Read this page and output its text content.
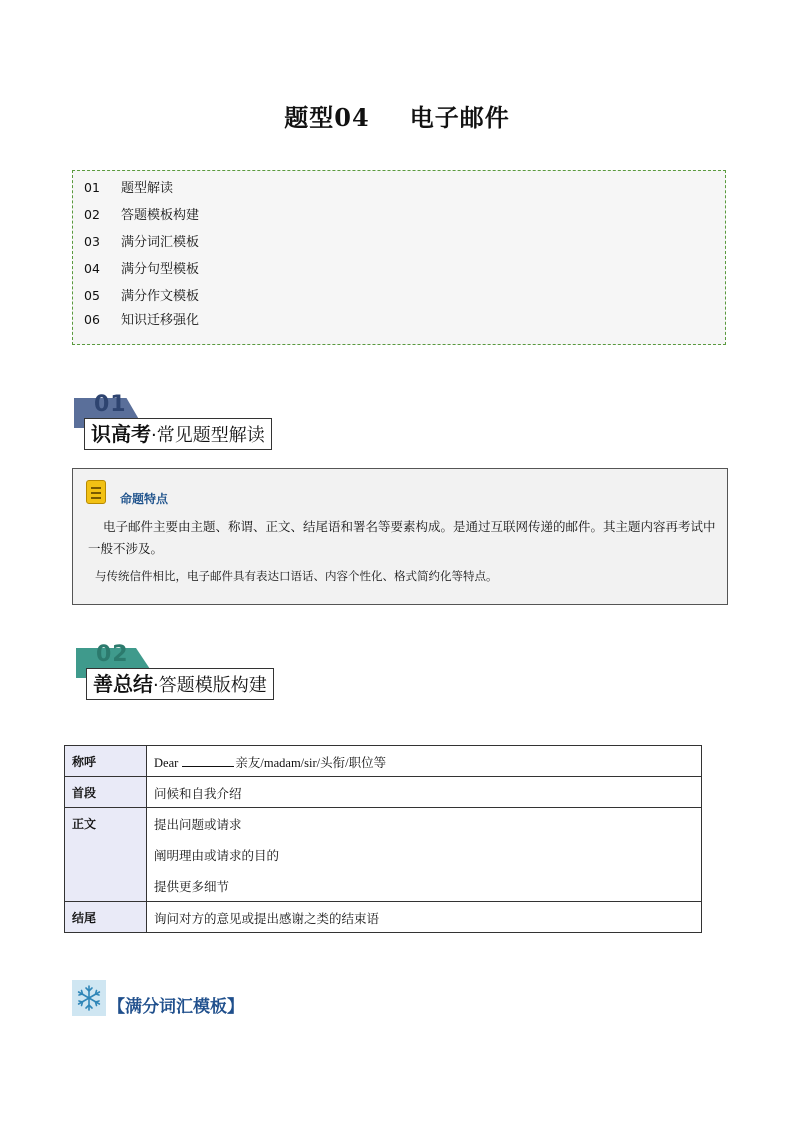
题型04 电子邮件
01 题型解读
02 答题模板构建
03 满分词汇模板
04 满分句型模板
05 满分作文模板
06 知识迁移强化
01
识高考·常见题型解读
命题特点
电子邮件主要由主题、称谓、正文、结尾语和署名等要素构成。是通过互联网传递的邮件。其主题内容再考试中一般不涉及。
与传统信件相比，电子邮件具有表达口语话、内容个性化、格式简约化等特点。
02
善总结·答题模版构建
称呼	Dear 亲友/madam/sir/头衔/职位等
首段	问候和自我介绍
正文	提出问题或请求
阐明理由或请求的目的
提供更多细节

结尾	询问对方的意见或提出感谢之类的结束语
【满分词汇模板】
